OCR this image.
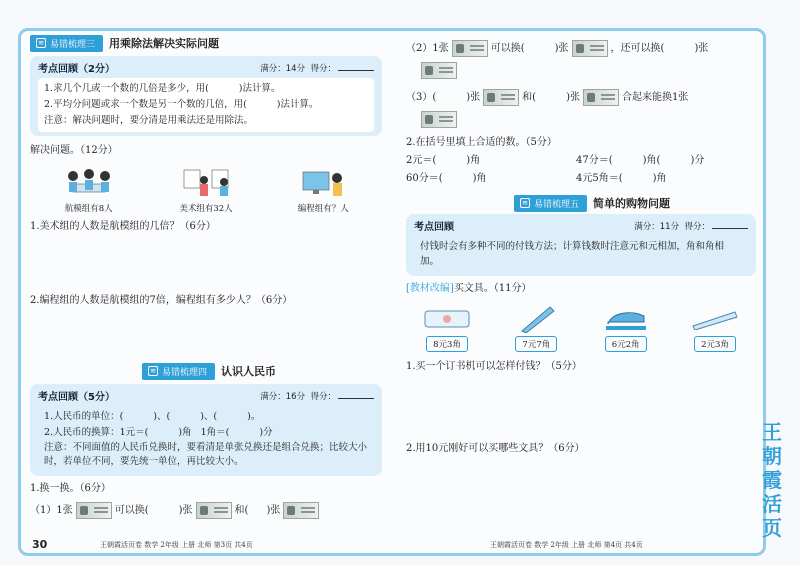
≋ 易错梳理三 用乘除法解决实际问题
考点回顾（2分）	满分：14分 得分：
1.求几个几或一个数的几倍是多少，用(	)法计算。
2.平均分问题或求一个数是另一个数的几倍，用(	)法计算。
注意：解决问题时，要分清是用乘法还是用除法。
解决问题。（12分）
航模组有8人	美术组有32人	编程组有？人
1.美术组的人数是航模组的几倍？（6分）
2.编程组的人数是航模组的7倍，编程组有多少人？（6分）
≋ 易错梳理四 认识人民币
考点回顾（5分）	满分：16分 得分：
1.人民币的单位：(	)、(	)、(	)。
2.人民币的换算：1元＝(	)角 1角＝(	)分
注意：不同面值的人民币兑换时，要看清是单张兑换还是组合兑换；比较大小时，若单位不同，要先统一单位，再比较大小。
1.换一换。（6分）
（1）1张	可以换(	)张	和( )张
30	王朝霞活页卷 数学 2年级 上册 北师 第3页 共4页
（2）1张	可以换(	)张	，还可以换(	)张
（3）(	)张	和(	)张	合起来能换1张
2.在括号里填上合适的数。（5分）
2元＝(	)角	47分＝(	)角(	)分
60分＝(	)角	4元5角＝(	)角
≋ 易错梳理五 简单的购物问题
考点回顾	满分：11分 得分：
付钱时会有多种不同的付钱方法；计算钱数时注意元和元相加，角和角相加。
[教材改编]买文具。（11分）
8元3角	7元7角	6元2角	2元3角
1.买一个订书机可以怎样付钱？（5分）
2.用10元刚好可以买哪些文具？（6分）
王朝霞活页卷 数学 2年级 上册 北师 第4页 共4页
王朝霞活页
